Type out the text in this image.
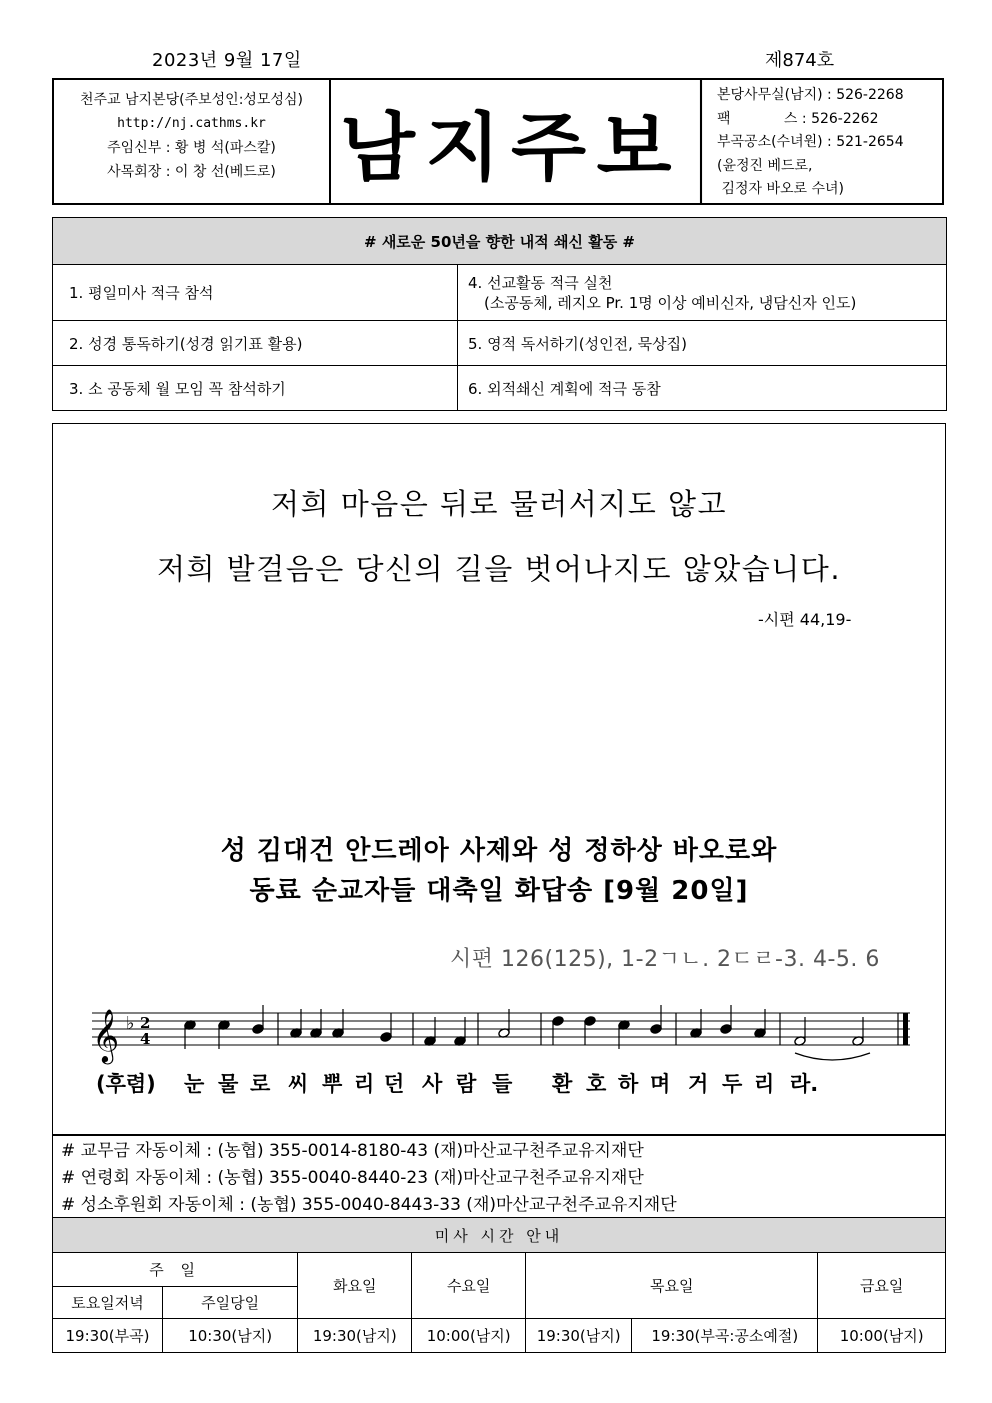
2023년 9월 17일	제874호
천주교 남지본당(주보성인:성모성심)
http://nj.cathms.kr
주임신부 : 황 병 석(파스칼)
사목회장 : 이 창 선(베드로) 남지주보
본당사무실(남지) : 526-2268
팩            스 : 526-2262
부곡공소(수녀원) : 521-2654
(윤정진 베드로,
김정자 바오로 수녀)
# 새로운 50년을 향한 내적 쇄신 활동 #	
1. 평일미사 적극 참석	4. 선교활동 적극 실천
(소공동체, 레지오 Pr. 1명 이상 예비신자, 냉담신자 인도)

2. 성경 통독하기(성경 읽기표 활용)	5. 영적 독서하기(성인전, 묵상집)
3. 소 공동체 월 모임 꼭 참석하기	6. 외적쇄신 계획에 적극 동참
저희 마음은 뒤로 물러서지도 않고
저희 발걸음은 당신의 길을 벗어나지도 않았습니다.
-시편 44,19-
성 김대건 안드레아 사제와 성 정하상 바오로와
동료 순교자들 대축일 화답송 [9월 20일]
시편 126(125), 1-2ㄱㄴ. 2ㄷㄹ-3. 4-5. 6
𝄞 ♭ 2
4
(후렴) 눈 물 로 씨 뿌 리 던 사 람 들 환 호 하 며 거 두 리 라.
# 교무금 자동이체 : (농협) 355-0014-8180-43 (재)마산교구천주교유지재단
# 연령회 자동이체 : (농협) 355-0040-8440-23 (재)마산교구천주교유지재단
# 성소후원회 자동이체 : (농협) 355-0040-8443-33 (재)마산교구천주교유지재단
미사 시간 안내						
주 일		화요일	수요일	목요일		금요일
토요일저녁	주일당일					
19:30(부곡)	10:30(남지)	19:30(남지)	10:00(남지)	19:30(남지)	19:30(부곡:공소예절)	10:00(남지)
